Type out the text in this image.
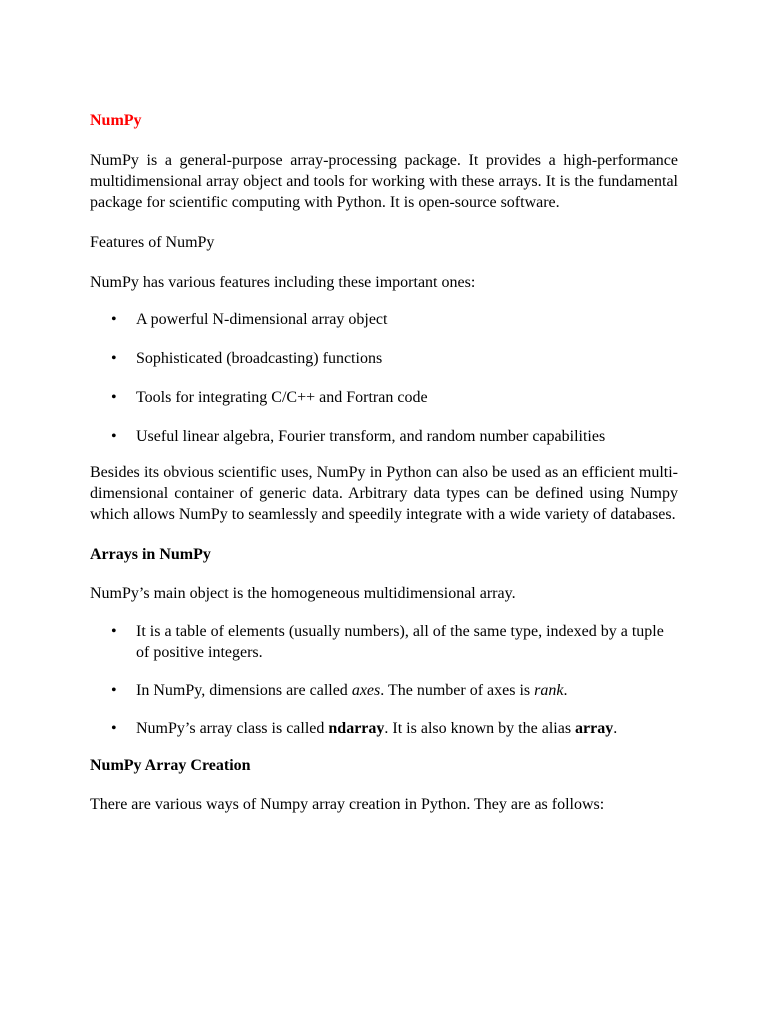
NumPy

NumPy is a general-purpose array-processing package. It provides a high-performance multidimensional array object and tools for working with these arrays. It is the fundamental package for scientific computing with Python. It is open-source software.

Features of NumPy

NumPy has various features including these important ones:

• A powerful N-dimensional array object
• Sophisticated (broadcasting) functions
• Tools for integrating C/C++ and Fortran code
• Useful linear algebra, Fourier transform, and random number capabilities

Besides its obvious scientific uses, NumPy in Python can also be used as an efficient multi-dimensional container of generic data. Arbitrary data types can be defined using Numpy which allows NumPy to seamlessly and speedily integrate with a wide variety of databases.

Arrays in NumPy

NumPy’s main object is the homogeneous multidimensional array.

• It is a table of elements (usually numbers), all of the same type, indexed by a tuple of positive integers.
• In NumPy, dimensions are called axes. The number of axes is rank.
• NumPy’s array class is called ndarray. It is also known by the alias array.
NumPy Array Creation

There are various ways of Numpy array creation in Python. They are as follows:
